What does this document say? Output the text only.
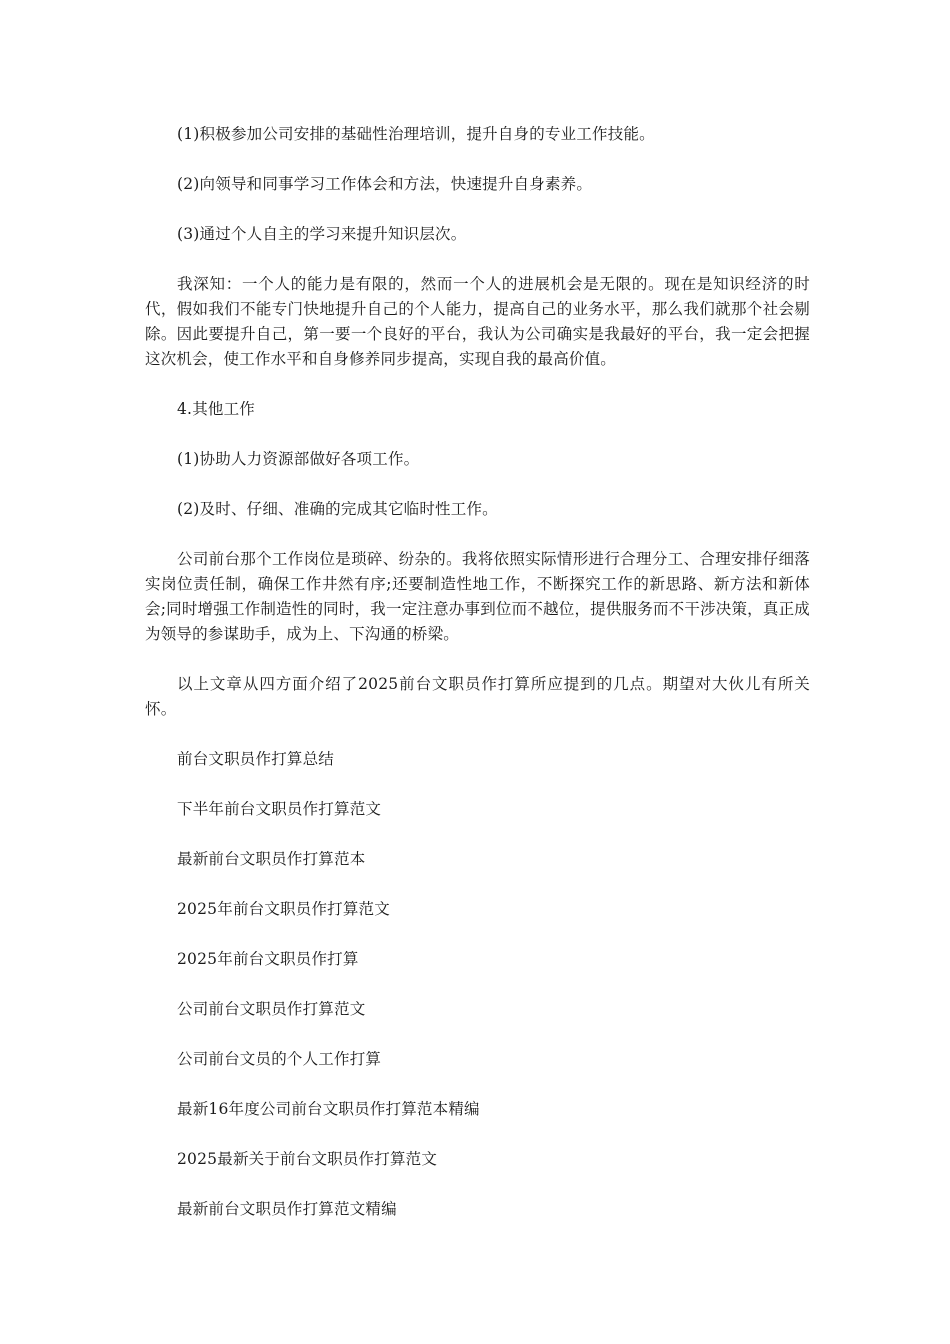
(1)积极参加公司安排的基础性治理培训，提升自身的专业工作技能。

(2)向领导和同事学习工作体会和方法，快速提升自身素养。

(3)通过个人自主的学习来提升知识层次。

我深知：一个人的能力是有限的，然而一个人的进展机会是无限的。现在是知识经济的时代，假如我们不能专门快地提升自己的个人能力，提高自己的业务水平，那么我们就那个社会剔除。因此要提升自己，第一要一个良好的平台，我认为公司确实是我最好的平台，我一定会把握这次机会，使工作水平和自身修养同步提高，实现自我的最高价值。

4.其他工作

(1)协助人力资源部做好各项工作。

(2)及时、仔细、准确的完成其它临时性工作。

公司前台那个工作岗位是琐碎、纷杂的。我将依照实际情形进行合理分工、合理安排仔细落实岗位责任制，确保工作井然有序;还要制造性地工作，不断探究工作的新思路、新方法和新体会;同时增强工作制造性的同时，我一定注意办事到位而不越位，提供服务而不干涉决策，真正成为领导的参谋助手，成为上、下沟通的桥梁。

以上文章从四方面介绍了2025前台文职员作打算所应提到的几点。期望对大伙儿有所关怀。

前台文职员作打算总结
下半年前台文职员作打算范文
最新前台文职员作打算范本
2025年前台文职员作打算范文
2025年前台文职员作打算
公司前台文职员作打算范文
公司前台文员的个人工作打算
最新16年度公司前台文职员作打算范本精编
2025最新关于前台文职员作打算范文
最新前台文职员作打算范文精编
